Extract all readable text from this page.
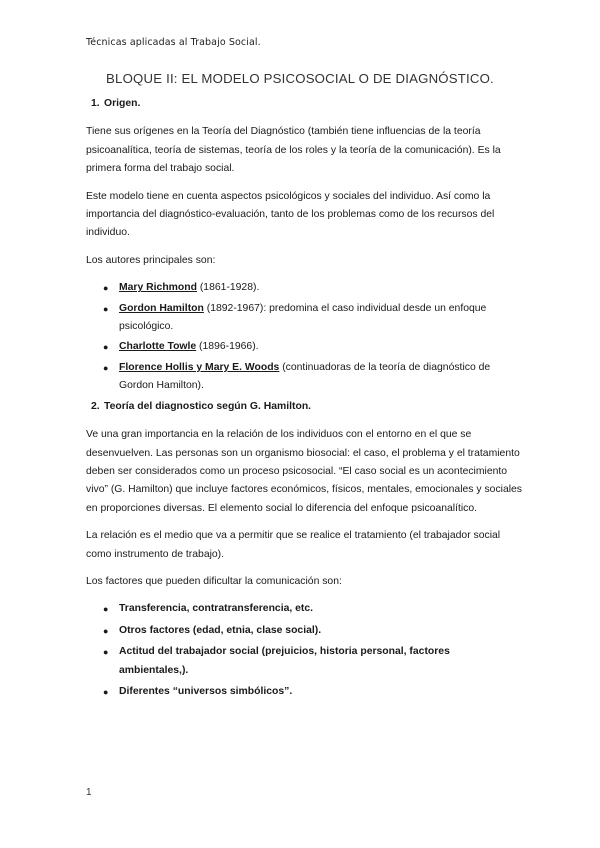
Técnicas aplicadas al Trabajo Social.
BLOQUE II: EL MODELO PSICOSOCIAL O DE DIAGNÓSTICO.
1. Origen.

Tiene sus orígenes en la Teoría del Diagnóstico (también tiene influencias de la teoría psicoanalítica, teoría de sistemas, teoría de los roles y la teoría de la comunicación). Es la primera forma del trabajo social.

Este modelo tiene en cuenta aspectos psicológicos y sociales del individuo. Así como la importancia del diagnóstico-evaluación, tanto de los problemas como de los recursos del individuo.

Los autores principales son:

● Mary Richmond (1861-1928).
● Gordon Hamilton (1892-1967): predomina el caso individual desde un enfoque psicológico.
● Charlotte Towle (1896-1966).
● Florence Hollis y Mary E. Woods (continuadoras de la teoría de diagnóstico de Gordon Hamilton).
2. Teoría del diagnostico según G. Hamilton.

Ve una gran importancia en la relación de los individuos con el entorno en el que se desenvuelven. Las personas son un organismo biosocial: el caso, el problema y el tratamiento deben ser considerados como un proceso psicosocial. “El caso social es un acontecimiento vivo” (G. Hamilton) que incluye factores económicos, físicos, mentales, emocionales y sociales en proporciones diversas. El elemento social lo diferencia del enfoque psicoanalítico.

La relación es el medio que va a permitir que se realice el tratamiento (el trabajador social como instrumento de trabajo).

Los factores que pueden dificultar la comunicación son:

● Transferencia, contratransferencia, etc.
● Otros factores (edad, etnia, clase social).
● Actitud del trabajador social (prejuicios, historia personal, factores ambientales,).
● Diferentes “universos simbólicos”.
1
